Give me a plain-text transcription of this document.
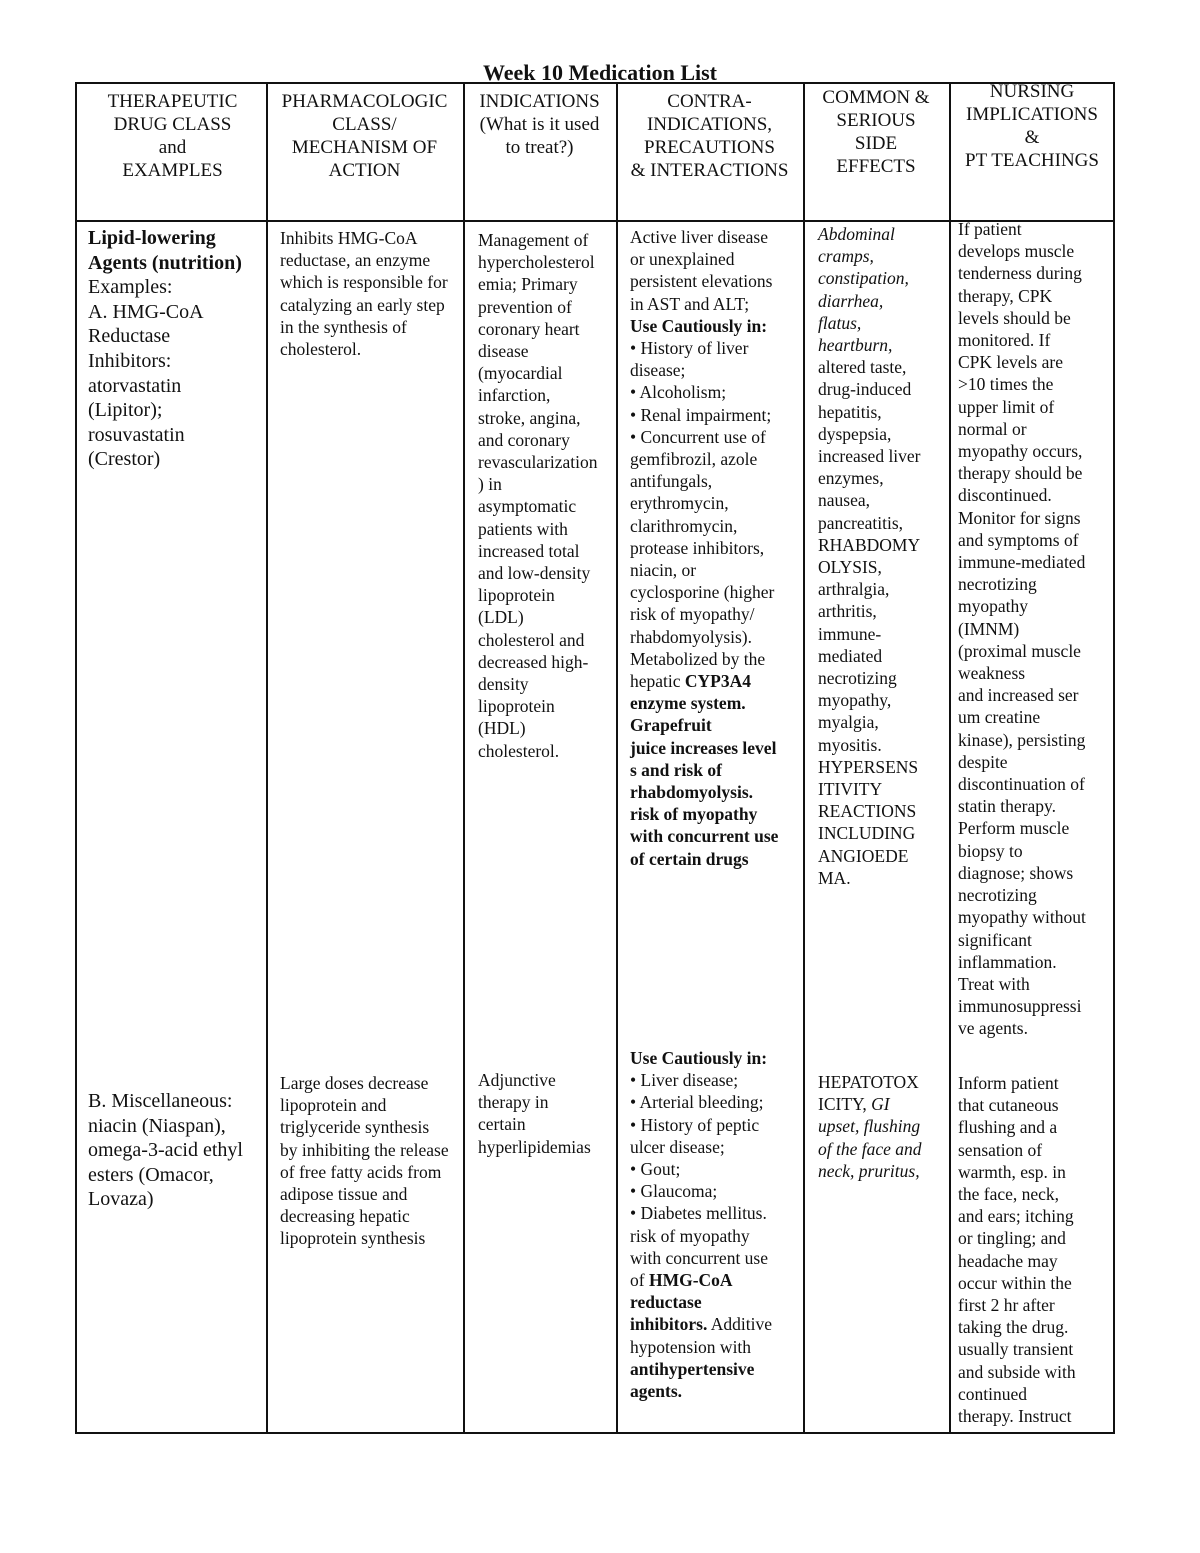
Week 10 Medication List
THERAPEUTIC
DRUG CLASS
and
EXAMPLES
PHARMACOLOGIC
CLASS/
MECHANISM OF
ACTION
INDICATIONS
(What is it used
to treat?)
CONTRA-
INDICATIONS,
PRECAUTIONS
& INTERACTIONS
COMMON &
SERIOUS
SIDE
EFFECTS
NURSING
IMPLICATIONS
&
PT TEACHINGS
Lipid-lowering
Agents (nutrition)
Examples:
A. HMG-CoA
Reductase
Inhibitors:
atorvastatin
(Lipitor);
rosuvastatin
(Crestor)
Inhibits HMG-CoA
reductase, an enzyme
which is responsible for
catalyzing an early step
in the synthesis of
cholesterol.
Management of
hypercholesterol
emia; Primary
prevention of
coronary heart
disease
(myocardial
infarction,
stroke, angina,
and coronary
revascularization
) in
asymptomatic
patients with
increased total
and low-density
lipoprotein
(LDL)
cholesterol and
decreased high-
density
lipoprotein
(HDL)
cholesterol.
Active liver disease
or unexplained
persistent elevations
in AST and ALT;
Use Cautiously in:
• History of liver
disease;
• Alcoholism;
• Renal impairment;
• Concurrent use of
gemfibrozil, azole
antifungals,
erythromycin,
clarithromycin,
protease inhibitors,
niacin, or
cyclosporine (higher
risk of myopathy/
rhabdomyolysis).
Metabolized by the
hepatic CYP3A4
enzyme system.
Grapefruit
juice increases level
s and risk of
rhabdomyolysis.
risk of myopathy
with concurrent use
of certain drugs
Abdominal
cramps,
constipation,
diarrhea,
flatus,
heartburn,
altered taste,
drug-induced
hepatitis,
dyspepsia,
increased liver
enzymes,
nausea,
pancreatitis,
RHABDOMY
OLYSIS,
arthralgia,
arthritis,
immune-
mediated
necrotizing
myopathy,
myalgia,
myositis.
HYPERSENS
ITIVITY
REACTIONS
INCLUDING
ANGIOEDE
MA.
If patient
develops muscle
tenderness during
therapy, CPK
levels should be
monitored. If
CPK levels are
>10 times the
upper limit of
normal or
myopathy occurs,
therapy should be
discontinued.
Monitor for signs
and symptoms of
immune-mediated
necrotizing
myopathy
(IMNM)
(proximal muscle
weakness
and increased ser
um creatine
kinase), persisting
despite
discontinuation of
statin therapy.
Perform muscle
biopsy to
diagnose; shows
necrotizing
myopathy without
significant
inflammation.
Treat with
immunosuppressi
ve agents.
B. Miscellaneous:
niacin (Niaspan),
omega-3-acid ethyl
esters (Omacor,
Lovaza)
Large doses decrease
lipoprotein and
triglyceride synthesis
by inhibiting the release
of free fatty acids from
adipose tissue and
decreasing hepatic
lipoprotein synthesis
Adjunctive
therapy in
certain
hyperlipidemias
Use Cautiously in:
• Liver disease;
• Arterial bleeding;
• History of peptic
ulcer disease;
• Gout;
• Glaucoma;
• Diabetes mellitus.
risk of myopathy
with concurrent use
of HMG-CoA
reductase
inhibitors. Additive
hypotension with
antihypertensive
agents.
HEPATOTOX
ICITY, GI
upset, flushing
of the face and
neck, pruritus,
Inform patient
that cutaneous
flushing and a
sensation of
warmth, esp. in
the face, neck,
and ears; itching
or tingling; and
headache may
occur within the
first 2 hr after
taking the drug.
usually transient
and subside with
continued
therapy. Instruct
